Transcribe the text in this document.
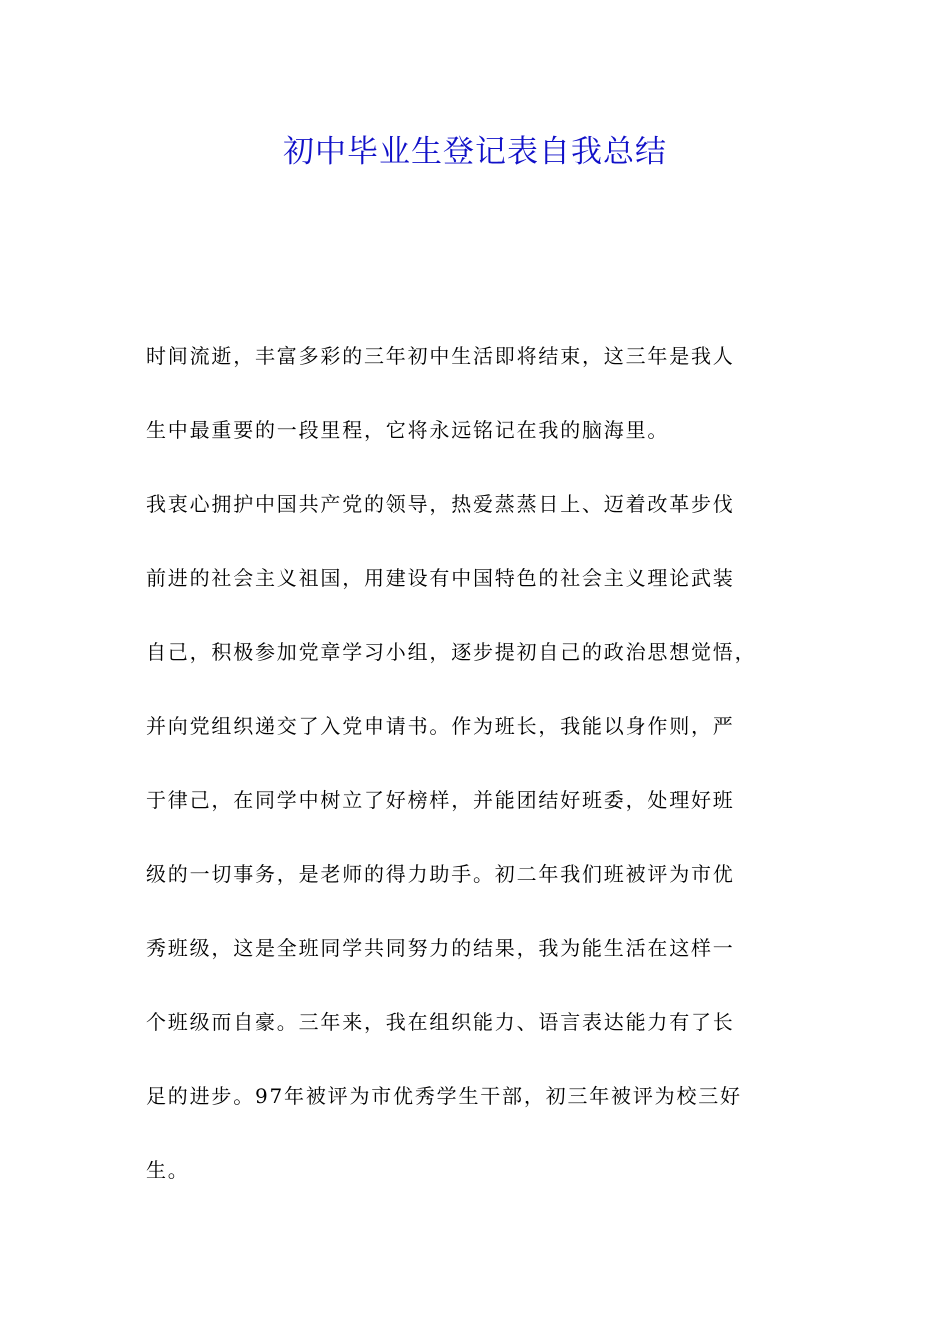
初中毕业生登记表自我总结
时间流逝，丰富多彩的三年初中生活即将结束，这三年是我人
生中最重要的一段里程，它将永远铭记在我的脑海里。
我衷心拥护中国共产党的领导，热爱蒸蒸日上、迈着改革步伐
前进的社会主义祖国，用建设有中国特色的社会主义理论武装
自己，积极参加党章学习小组，逐步提初自己的政治思想觉悟，
并向党组织递交了入党申请书。作为班长，我能以身作则，严
于律己，在同学中树立了好榜样，并能团结好班委，处理好班
级的一切事务，是老师的得力助手。初二年我们班被评为市优
秀班级，这是全班同学共同努力的结果，我为能生活在这样一
个班级而自豪。三年来，我在组织能力、语言表达能力有了长
足的进步。97年被评为市优秀学生干部，初三年被评为校三好
生。
